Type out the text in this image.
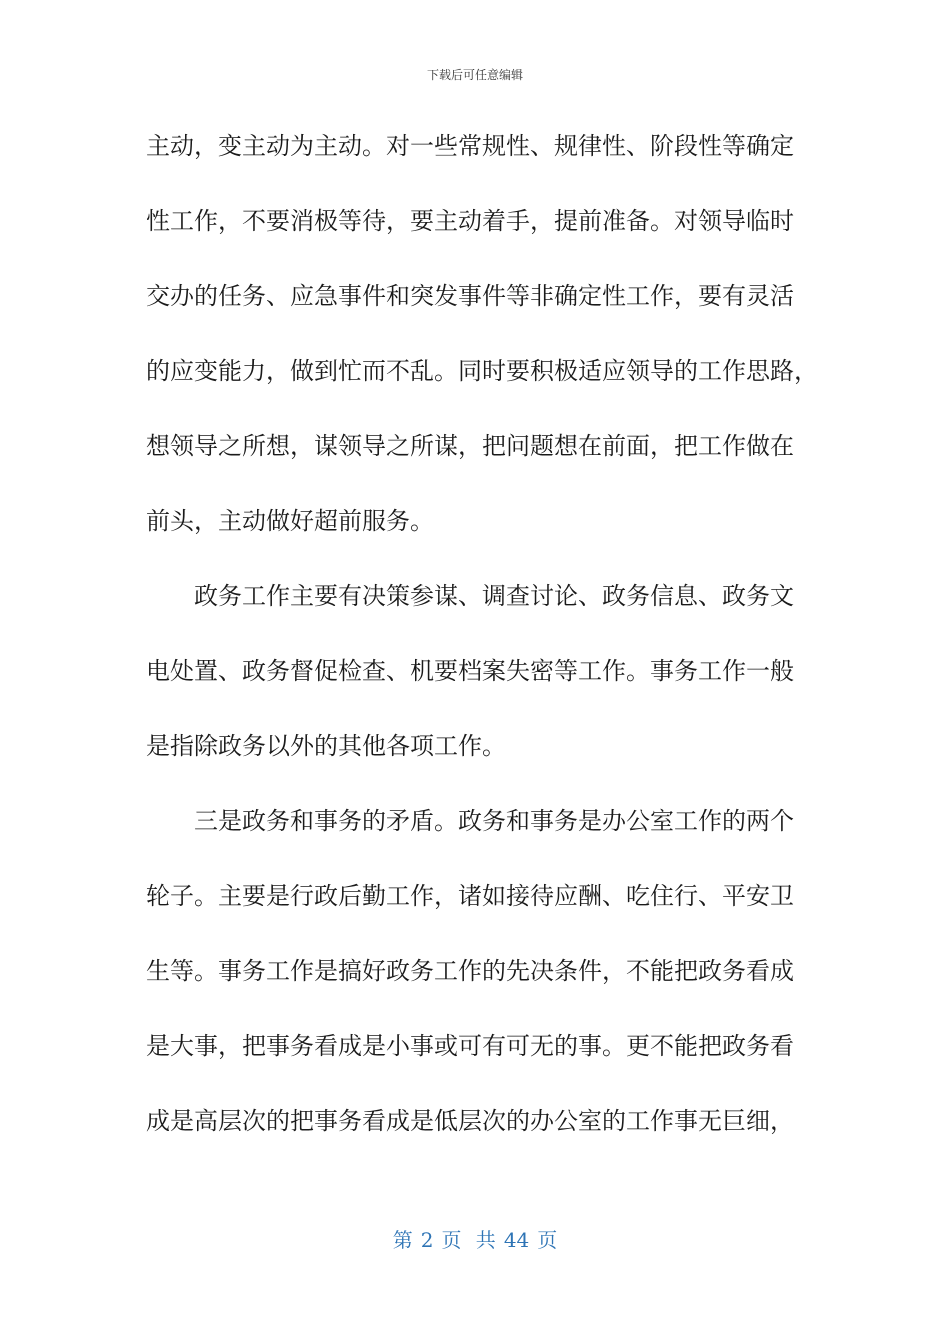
下载后可任意编辑
主动，变主动为主动。对一些常规性、规律性、阶段性等确定
性工作，不要消极等待，要主动着手，提前准备。对领导临时
交办的任务、应急事件和突发事件等非确定性工作，要有灵活
的应变能力，做到忙而不乱。同时要积极适应领导的工作思路，
想领导之所想，谋领导之所谋，把问题想在前面，把工作做在
前头，主动做好超前服务。
政务工作主要有决策参谋、调查讨论、政务信息、政务文
电处置、政务督促检查、机要档案失密等工作。事务工作一般
是指除政务以外的其他各项工作。
三是政务和事务的矛盾。政务和事务是办公室工作的两个
轮子。主要是行政后勤工作，诸如接待应酬、吃住行、平安卫
生等。事务工作是搞好政务工作的先决条件，不能把政务看成
是大事，把事务看成是小事或可有可无的事。更不能把政务看
成是高层次的把事务看成是低层次的办公室的工作事无巨细，
第 2 页 共 44 页
